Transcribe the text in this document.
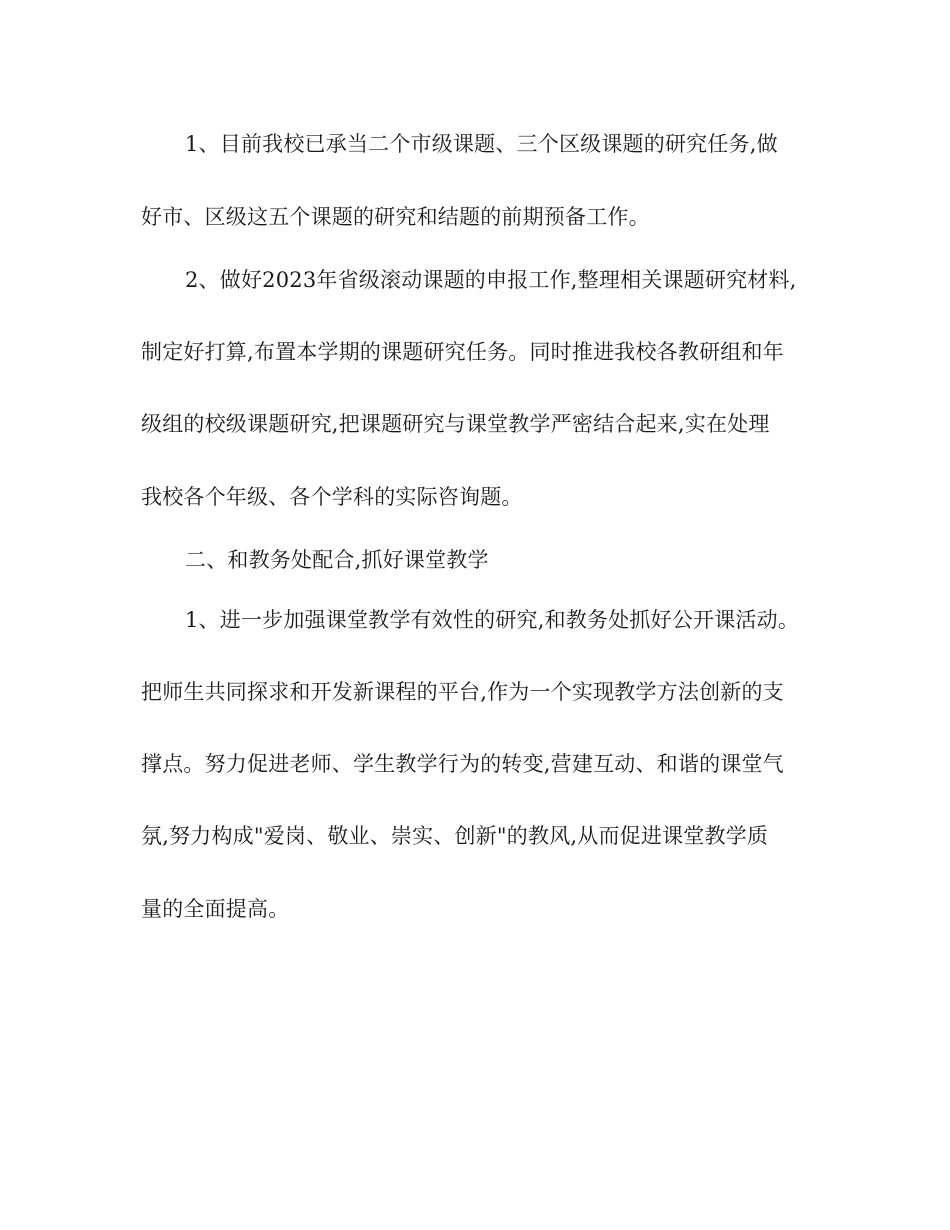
1、目前我校已承当二个市级课题、三个区级课题的研究任务,做

好市、区级这五个课题的研究和结题的前期预备工作。

2、做好2023年省级滚动课题的申报工作,整理相关课题研究材料,

制定好打算,布置本学期的课题研究任务。同时推进我校各教研组和年

级组的校级课题研究,把课题研究与课堂教学严密结合起来,实在处理

我校各个年级、各个学科的实际咨询题。

二、和教务处配合,抓好课堂教学

1、进一步加强课堂教学有效性的研究,和教务处抓好公开课活动。

把师生共同探求和开发新课程的平台,作为一个实现教学方法创新的支

撑点。努力促进老师、学生教学行为的转变,营建互动、和谐的课堂气

氛,努力构成"爱岗、敬业、崇实、创新"的教风,从而促进课堂教学质

量的全面提高。
